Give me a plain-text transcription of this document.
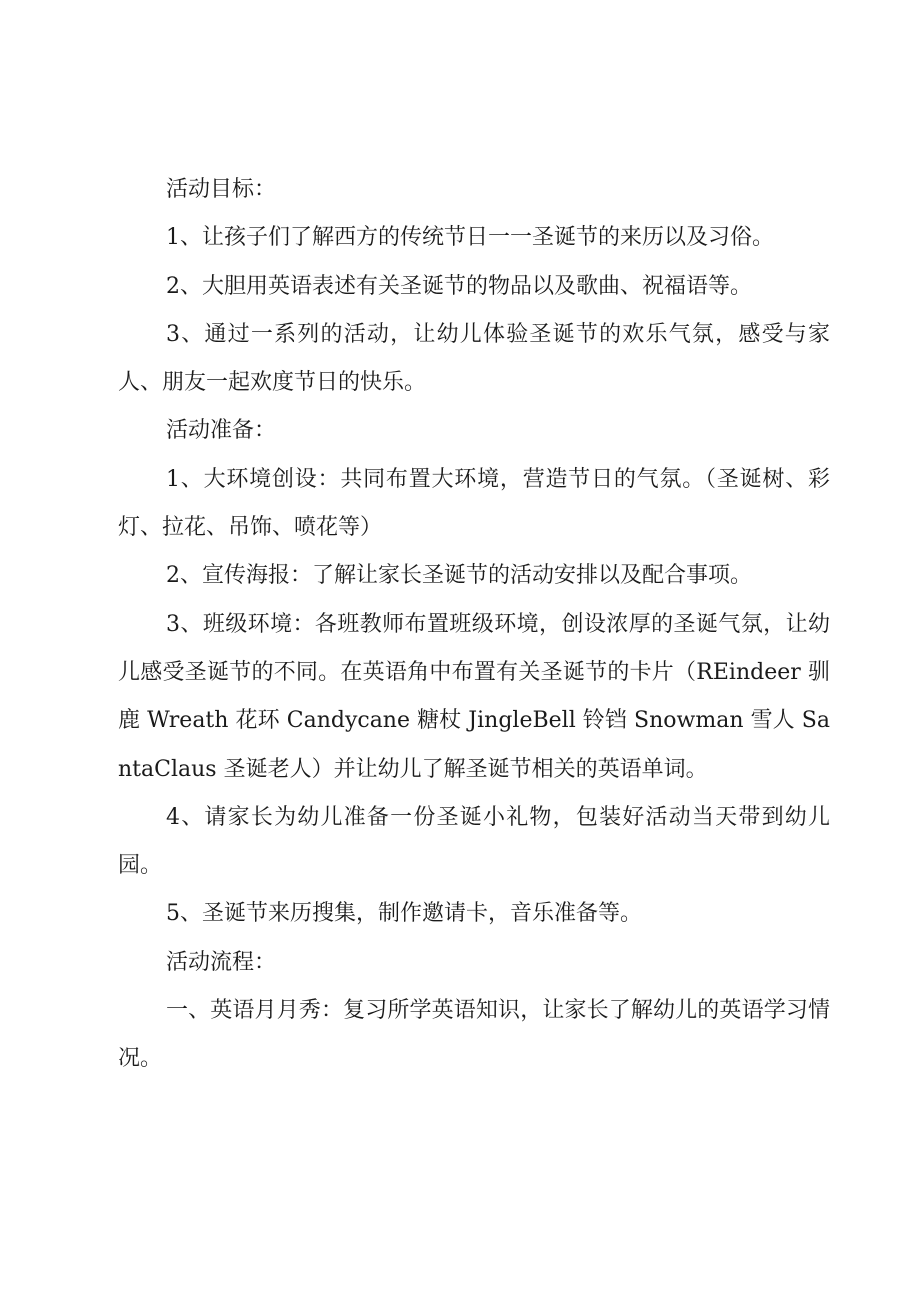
活动目标：

1、让孩子们了解西方的传统节日一一圣诞节的来历以及习俗。

2、大胆用英语表述有关圣诞节的物品以及歌曲、祝福语等。

3、通过一系列的活动，让幼儿体验圣诞节的欢乐气氛，感受与家人、朋友一起欢度节日的快乐。

活动准备：

1、大环境创设：共同布置大环境，营造节日的气氛。（圣诞树、彩灯、拉花、吊饰、喷花等）

2、宣传海报：了解让家长圣诞节的活动安排以及配合事项。

3、班级环境：各班教师布置班级环境，创设浓厚的圣诞气氛，让幼儿感受圣诞节的不同。在英语角中布置有关圣诞节的卡片（REindeer 驯鹿 Wreath 花环 Candycane 糖杖 JingleBell 铃铛 Snowman 雪人 SantaClaus 圣诞老人）并让幼儿了解圣诞节相关的英语单词。

4、请家长为幼儿准备一份圣诞小礼物，包装好活动当天带到幼儿园。

5、圣诞节来历搜集，制作邀请卡，音乐准备等。

活动流程：

一、英语月月秀：复习所学英语知识，让家长了解幼儿的英语学习情况。
